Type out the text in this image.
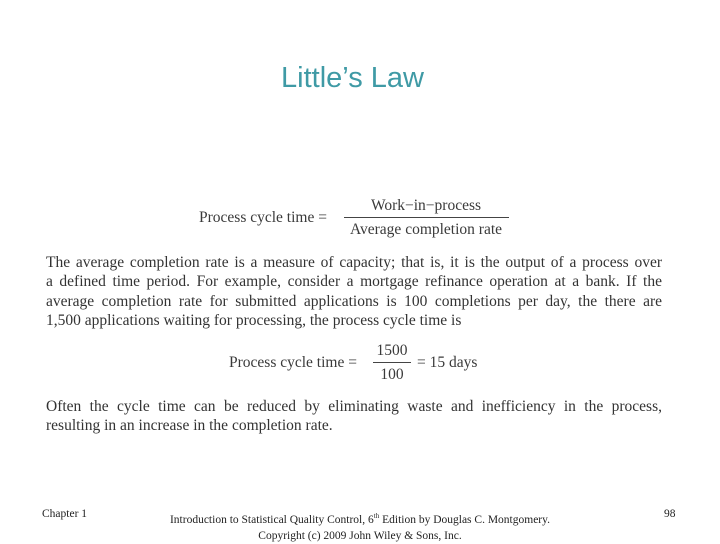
Little’s Law
Process cycle time =
Work−in−process
Average completion rate
The average completion rate is a measure of capacity; that is, it is the output of a process over
a defined time period. For example, consider a mortgage refinance operation at a bank. If the
average completion rate for submitted applications is 100 completions per day, the there are
1,500 applications waiting for processing, the process cycle time is
Process cycle time =
1500
100
= 15 days
Often the cycle time can be reduced by eliminating waste and inefficiency in the process,
resulting in an increase in the completion rate.
Chapter 1	Introduction to Statistical Quality Control, 6th Edition by Douglas C. Montgomery.
Copyright (c) 2009 John Wiley & Sons, Inc.
98
